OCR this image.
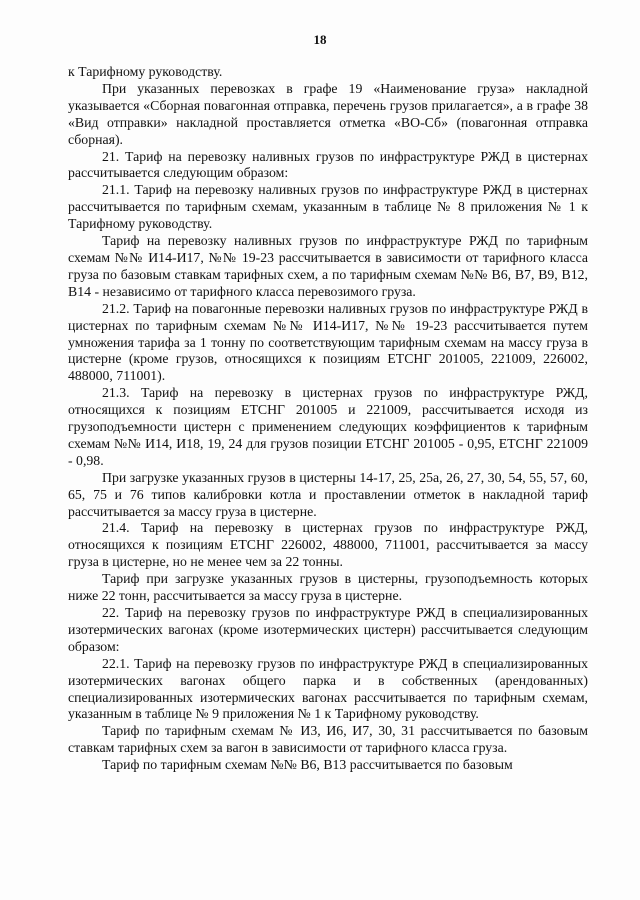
18

к Тарифному руководству.

При указанных перевозках в графе 19 «Наименование груза» накладной указывается «Сборная повагонная отправка, перечень грузов прилагается», а в графе 38 «Вид отправки» накладной проставляется отметка «ВО-Сб» (повагонная отправка сборная).

21. Тариф на перевозку наливных грузов по инфраструктуре РЖД в цистернах рассчитывается следующим образом:

21.1. Тариф на перевозку наливных грузов по инфраструктуре РЖД в цистернах рассчитывается по тарифным схемам, указанным в таблице № 8 приложения № 1 к Тарифному руководству.

Тариф на перевозку наливных грузов по инфраструктуре РЖД по тарифным схемам №№ И14-И17, №№ 19-23 рассчитывается в зависимости от тарифного класса груза по базовым ставкам тарифных схем, а по тарифным схемам №№ В6, В7, В9, В12, В14 - независимо от тарифного класса перевозимого груза.

21.2. Тариф на повагонные перевозки наливных грузов по инфраструктуре РЖД в цистернах по тарифным схемам №№ И14-И17, №№ 19-23 рассчитывается путем умножения тарифа за 1 тонну по соответствующим тарифным схемам на массу груза в цистерне (кроме грузов, относящихся к позициям ЕТСНГ 201005, 221009, 226002, 488000, 711001).

21.3. Тариф на перевозку в цистернах грузов по инфраструктуре РЖД, относящихся к позициям ЕТСНГ 201005 и 221009, рассчитывается исходя из грузоподъемности цистерн с применением следующих коэффициентов к тарифным схемам №№ И14, И18, 19, 24 для грузов позиции ЕТСНГ 201005 - 0,95, ЕТСНГ 221009 - 0,98.

При загрузке указанных грузов в цистерны 14-17, 25, 25а, 26, 27, 30, 54, 55, 57, 60, 65, 75 и 76 типов калибровки котла и проставлении отметок в накладной тариф рассчитывается за массу груза в цистерне.

21.4. Тариф на перевозку в цистернах грузов по инфраструктуре РЖД, относящихся к позициям ЕТСНГ 226002, 488000, 711001, рассчитывается за массу груза в цистерне, но не менее чем за 22 тонны.

Тариф при загрузке указанных грузов в цистерны, грузоподъемность которых ниже 22 тонн, рассчитывается за массу груза в цистерне.

22. Тариф на перевозку грузов по инфраструктуре РЖД в специализированных изотермических вагонах (кроме изотермических цистерн) рассчитывается следующим образом:

22.1. Тариф на перевозку грузов по инфраструктуре РЖД в специализированных изотермических вагонах общего парка и в собственных (арендованных) специализированных изотермических вагонах рассчитывается по тарифным схемам, указанным в таблице № 9 приложения № 1 к Тарифному руководству.

Тариф по тарифным схемам № И3, И6, И7, 30, 31 рассчитывается по базовым ставкам тарифных схем за вагон в зависимости от тарифного класса груза.

Тариф по тарифным схемам №№ В6, В13 рассчитывается по базовым
